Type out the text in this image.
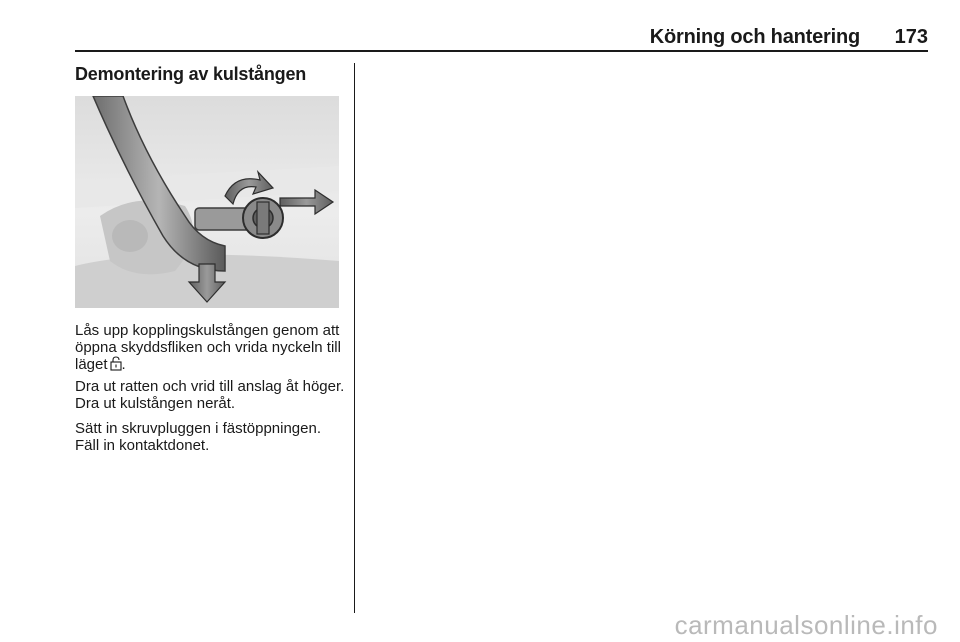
Körning och hantering	173
Demontering av kulstången

Lås upp kopplingskulstången genom att öppna skyddsfliken och vrida nyckeln till läget .

Dra ut ratten och vrid till anslag åt höger. Dra ut kulstången neråt.

Sätt in skruvpluggen i fästöppningen. Fäll in kontaktdonet.

carmanualsonline.info
